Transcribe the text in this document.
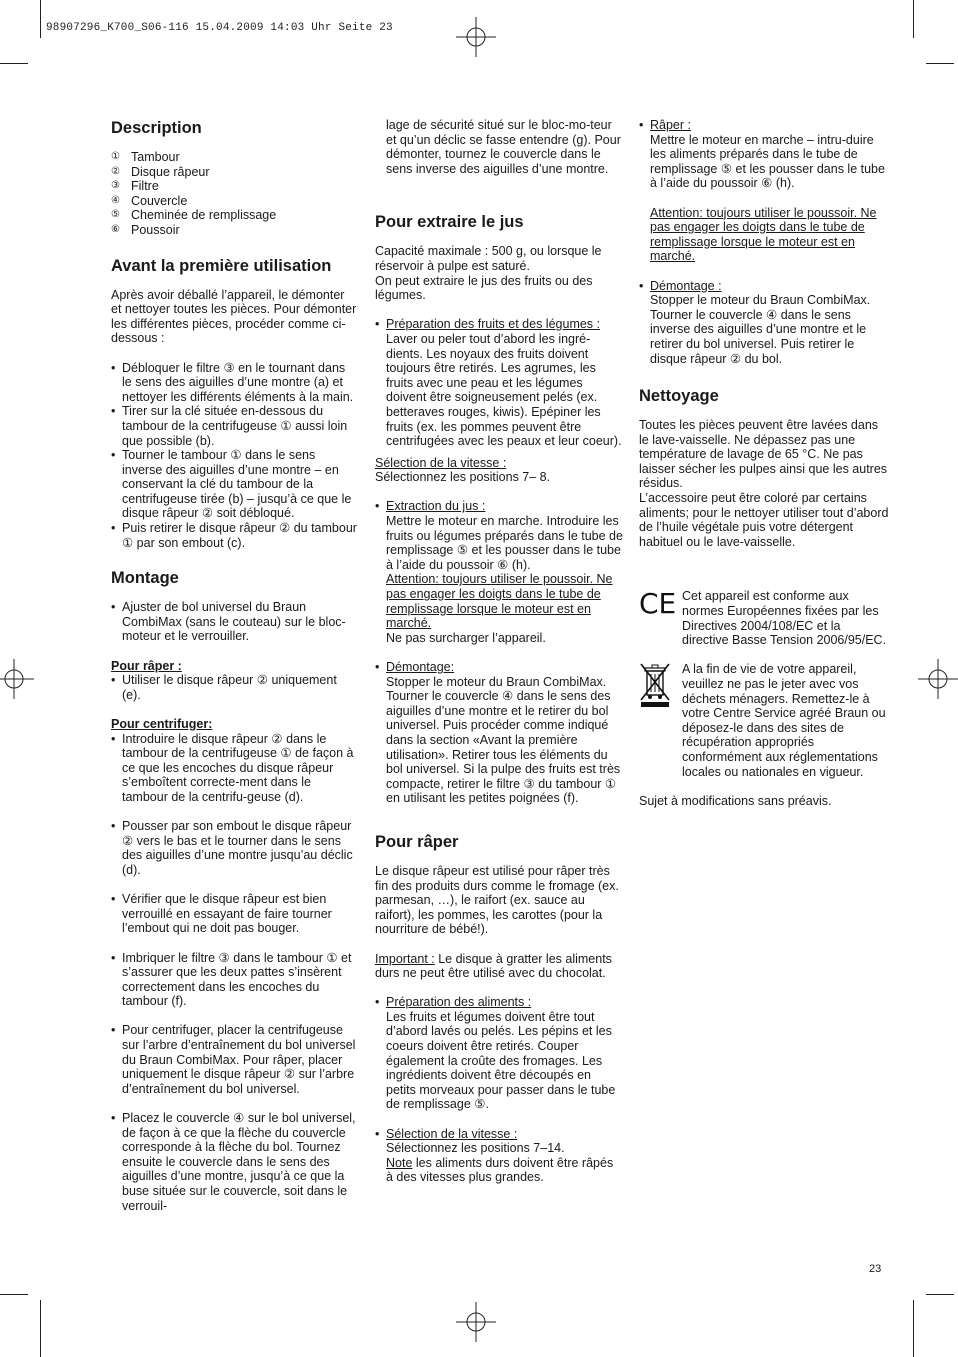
98907296_K700_S06-116 15.04.2009 14:03 Uhr Seite 23
Description
① Tambour
② Disque râpeur
③ Filtre
④ Couvercle
⑤ Cheminée de remplissage
⑥ Poussoir
Avant la première utilisation

Après avoir déballé l’appareil, le démonter et nettoyer toutes les pièces. Pour démonter les différentes pièces, procéder comme ci-dessous :

• Débloquer le filtre ③ en le tournant dans le sens des aiguilles d’une montre (a) et nettoyer les différents éléments à la main.
• Tirer sur la clé située en-dessous du tambour de la centrifugeuse ① aussi loin que possible (b).
• Tourner le tambour ① dans le sens inverse des aiguilles d’une montre – en conservant la clé du tambour de la centrifugeuse tirée (b) – jusqu’à ce que le disque râpeur ② soit débloqué.
• Puis retirer le disque râpeur ② du tambour ① par son embout (c).
Montage
• Ajuster de bol universel du Braun CombiMax (sans le couteau) sur le bloc-moteur et le verrouiller.
Pour râper :
• Utiliser le disque râpeur ② uniquement (e).
Pour centrifuger:
• Introduire le disque râpeur ② dans le tambour de la centrifugeuse ① de façon à ce que les encoches du disque râpeur s’emboîtent correcte-ment dans le tambour de la centrifu-geuse (d).
• Pousser par son embout le disque râpeur ② vers le bas et le tourner dans le sens des aiguilles d’une montre jusqu’au déclic (d).
• Vérifier que le disque râpeur est bien verrouillé en essayant de faire tourner l’embout qui ne doit pas bouger.
• Imbriquer le filtre ③ dans le tambour ① et s’assurer que les deux pattes s’insèrent correctement dans les encoches du tambour (f).
• Pour centrifuger, placer la centrifugeuse sur l’arbre d’entraînement du bol universel du Braun CombiMax. Pour râper, placer uniquement le disque râpeur ② sur l’arbre d’entraînement du bol universel.
• Placez le couvercle ④ sur le bol universel, de façon à ce que la flèche du couvercle corresponde à la flèche du bol. Tournez ensuite le couvercle dans le sens des aiguilles d’une montre, jusqu’à ce que la buse située sur le couvercle, soit dans le verrouil-

lage de sécurité situé sur le bloc-mo-teur et qu’un déclic se fasse entendre (g). Pour démonter, tournez le couvercle dans le sens inverse des aiguilles d’une montre.

Pour extraire le jus
Capacité maximale : 500 g, ou lorsque le réservoir à pulpe est saturé.

On peut extraire le jus des fruits ou des légumes.

• Préparation des fruits et des légumes :
Laver ou peler tout d’abord les ingré-dients. Les noyaux des fruits doivent toujours être retirés. Les agrumes, les fruits avec une peau et les légumes doivent être soigneusement pelés (ex. betteraves rouges, kiwis). Epépiner les fruits (ex. les pommes peuvent être centrifugées avec les peaux et leur coeur).
Sélection de la vitesse :

Sélectionnez les positions 7– 8.

• Extraction du jus :
Mettre le moteur en marche. Introduire les fruits ou légumes préparés dans le tube de remplissage ⑤ et les pousser dans le tube à l’aide du poussoir ⑥ (h).
Attention: toujours utiliser le poussoir. Ne pas engager les doigts dans le tube de remplissage lorsque le moteur est en marché.
Ne pas surcharger l’appareil.
• Démontage:
Stopper le moteur du Braun CombiMax. Tourner le couvercle ④ dans le sens des aiguilles d’une montre et le retirer du bol universel. Puis procéder comme indiqué dans la section «Avant la première utilisation». Retirer tous les éléments du bol universel. Si la pulpe des fruits est très compacte, retirer le filtre ③ du tambour ① en utilisant les petites poignées (f).
Pour râper

Le disque râpeur est utilisé pour râper très fin des produits durs comme le fromage (ex. parmesan, …), le raifort (ex. sauce au raifort), les pommes, les carottes (pour la nourriture de bébé!).

Important : Le disque à gratter les aliments durs ne peut être utilisé avec du chocolat.

• Préparation des aliments :
Les fruits et légumes doivent être tout d’abord lavés ou pelés. Les pépins et les coeurs doivent être retirés. Couper également la croûte des fromages. Les ingrédients doivent être découpés en petits morveaux pour passer dans le tube de remplissage ⑤.
• Sélection de la vitesse :
Sélectionnez les positions 7–14.
Note les aliments durs doivent être râpés à des vitesses plus grandes.
• Râper :
Mettre le moteur en marche – intru-duire les aliments préparés dans le tube de remplissage ⑤ et les pousser dans le tube à l’aide du poussoir ⑥ (h).

Attention: toujours utiliser le poussoir. Ne pas engager les doigts dans le tube de remplissage lorsque le moteur est en marché.
• Démontage :
Stopper le moteur du Braun CombiMax. Tourner le couvercle ④ dans le sens inverse des aiguilles d’une montre et le retirer du bol universel. Puis retirer le disque râpeur ② du bol.
Nettoyage
Toutes les pièces peuvent être lavées dans le lave-vaisselle. Ne dépassez pas une température de lavage de 65 °C. Ne pas laisser sécher les pulpes ainsi que les autres résidus.
L’accessoire peut être coloré par certains aliments; pour le nettoyer utiliser tout d’abord de l’huile végétale puis votre détergent habituel ou le lave-vaisselle.
CE Cet appareil est conforme aux normes Européennes fixées par les Directives 2004/108/EC et la directive Basse Tension 2006/95/EC.
A la fin de vie de votre appareil, veuillez ne pas le jeter avec vos déchets ménagers. Remettez-le à votre Centre Service agréé Braun ou déposez-le dans des sites de récupération appropriés conformément aux réglementations locales ou nationales en vigueur.

Sujet à modifications sans préavis.

23
